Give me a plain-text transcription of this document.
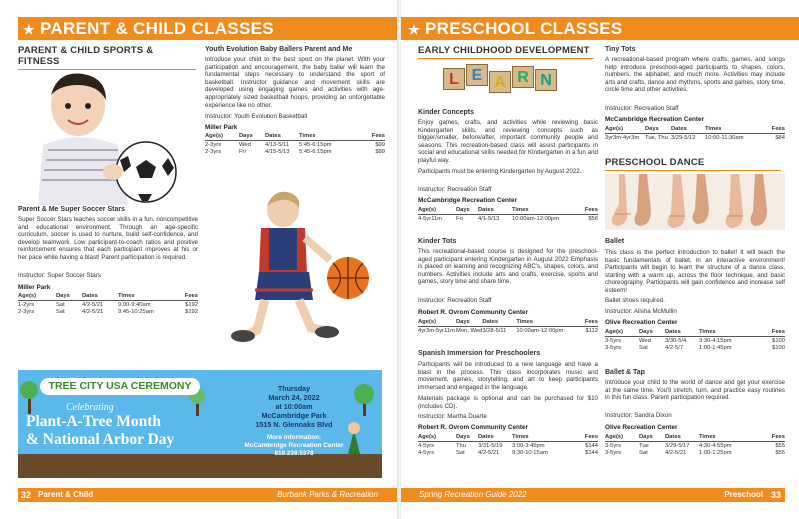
★ PARENT & CHILD CLASSES
PARENT & CHILD SPORTS & FITNESS
Youth Evolution Baby Ballers Parent and Me
Introduce your child to the best sport on the planet. With your participation and encouragement, the baby baller will learn the fundamental steps necessary to understand the sport of basketball. Instructor guidance and movement skills are developed using engaging games and activities with age-appropriately sized basketball hoops, providing an unforgettable experience like no other.
Instructor: Youth Evolution Basketball
Miller Park
Age(s)	Days	Dates	Times	Fees
2-3yrs	Wed	4/13-5/11	5:45-6:15pm	$99
2-3yrs	Fri	4/15-5/13	5:45-6:15pm	$99
Parent & Me Super Soccer Stars
Super Soccer Stars teaches soccer skills in a fun, noncompetitive and educational environment. Through an age-specific curriculum, soccer is used to nurture, build self-confidence, and develop teamwork. Low participant-to-coach ratios and positive reinforcement ensures that each participant improves at his or her pace while having a blast! Parent participation is required.
Instructor: Super Soccer Stars
Miller Park
Age(s)	Days	Dates	Times	Fees
1-2yrs	Sat	4/2-5/21	9:00-9:40am	$192
2-3yrs	Sat	4/2-5/21	9:45-10:25am	$192
TREE CITY USA CEREMONY
Celebrating
Plant-A-Tree Month
& National Arbor Day
Thursday
March 24, 2022
at 10:00am
McCambridge Park
1515 N. Glenoaks Blvd
More information:
McCambridge Recreation Center
818.238.5378
32 Parent & Child	Burbank Parks & Recreation
★ PRESCHOOL CLASSES
EARLY CHILDHOOD DEVELOPMENT
L E A R N
Kinder Concepts
Enjoy games, crafts, and activities while reviewing basic Kindergarten skills, and reviewing concepts such as bigger/smaller, before/after, important community people and seasons. This recreation-based class will assist participants in social and educational skills needed for Kindergarten in a fun and playful way.
Participants must be entering Kindergarten by August 2022.
Instructor: Recreation Staff
McCambridge Recreation Center
Age(s)	Days	Dates	Times	Fees
4-5yr11m	Fri	4/1-5/13	10:00am-12:00pm	$56
Kinder Tots
This recreational-based course is designed for the preschool-aged participant entering Kindergarten in August 2022 Emphasis is placed on learning and recognizing ABC's, shapes, colors, and numbers. Activities include arts and crafts, exercise, sports and games, story time and share time.
Instructor: Recreation Staff
Robert R. Ovrom Community Center
Age(s)	Days	Dates	Times	Fees
4yr3m-5yr11m	Mon, Wed	3/28-5/11	10:00am-12:00pm	$112
Spanish Immersion for Preschoolers
Participants will be introduced to a new language and have a blast in the process. This class incorporates music and movement, games, storytelling, and art to keep participants immersed and engaged in the language.
Materials package is optional and can be purchased for $10 (includes CD).
Instructor: Martha Duarte
Robert R. Ovrom Community Center
Age(s)	Days	Dates	Times	Fees
4-5yrs	Thu	3/31-5/19	3:00-3:45pm	$144
4-5yrs	Sat	4/2-5/21	9:30-10:15am	$144
Tiny Tots
A recreational-based program where crafts, games, and songs help introduce preschool-aged participants to shapes, colors, numbers, the alphabet, and much more. Activities may include arts and crafts, dance and rhythms, sports and games, story time, circle time and other activities.
Instructor: Recreation Staff
McCambridge Recreation Center
Age(s)	Days	Dates	Times	Fees
3yr3m-4yr3m	Tue, Thu	3/29-5/12	10:00-11:30am	$84
PRESCHOOL DANCE
Ballet
This class is the perfect introduction to ballet! It will teach the basic fundamentals of ballet, in an interactive environment! Participants will begin to learn the structure of a dance class, starting with a warm up, across the floor technique, and basic choreography. Participants will gain confidence and increase self esteem!
Ballet shoes required.
Instructor: Alisha McMullin
Olive Recreation Center
Age(s)	Days	Dates	Times	Fees
3-5yrs	Wed	3/30-5/4	3:30-4:15pm	$100
3-5yrs	Sat	4/2-5/7	1:00-1:45pm	$100
Ballet & Tap
Introduce your child to the world of dance and get your exercise at the same time. You'll stretch, turn, and practice easy routines in this fun class. Parent participation required.
Instructor: Sandra Dixon
Olive Recreation Center
Age(s)	Days	Dates	Times	Fees
3-5yrs	Tue	3/29-5/17	4:30-4:55pm	$55
3-5yrs	Sat	4/2-5/21	1:00-1:25pm	$55
Spring Recreation Guide 2022	Preschool 33
